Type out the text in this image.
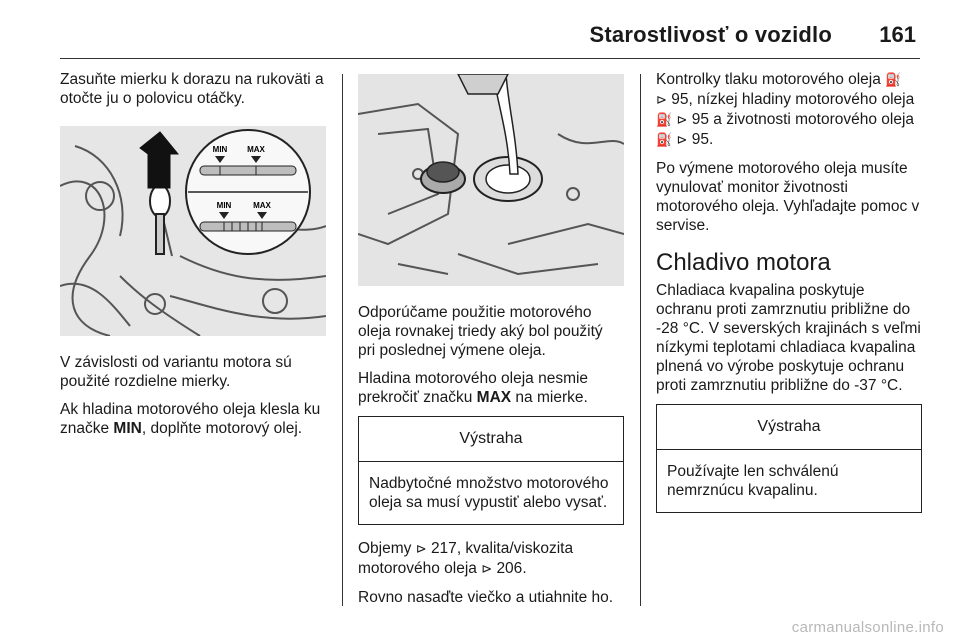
Starostlivosť o vozidlo 161

Zasuňte mierku k dorazu na rukoväti a otočte ju o polovicu otáčky.

MIN MAX
MIN	MAX

V závislosti od variantu motora sú použité rozdielne mierky.

Ak hladina motorového oleja klesla ku značke MIN, doplňte motorový olej.

Odporúčame použitie motorového oleja rovnakej triedy aký bol použitý pri poslednej výmene oleja.

Hladina motorového oleja nesmie prekročiť značku MAX na mierke.

Výstraha
Nadbytočné množstvo motorového oleja sa musí vypustiť alebo vysať.

Objemy ⊳ 217, kvalita/viskozita motorového oleja ⊳ 206.

Rovno nasaďte viečko a utiahnite ho.

Kontrolky tlaku motorového oleja ⛽
⊳ 95, nízkej hladiny motorového oleja ⛽ ⊳ 95 a životnosti motorového oleja ⛽ ⊳ 95.

Po výmene motorového oleja musíte vynulovať monitor životnosti motorového oleja. Vyhľadajte pomoc v servise.

Chladivo motora

Chladiaca kvapalina poskytuje ochranu proti zamrznutiu približne do -28 °C. V severských krajinách s veľmi nízkymi teplotami chladiaca kvapalina plnená vo výrobe poskytuje ochranu proti zamrznutiu približne do -37 °C.

Výstraha
Používajte len schválenú nemrznúcu kvapalinu.
carmanualsonline.info
